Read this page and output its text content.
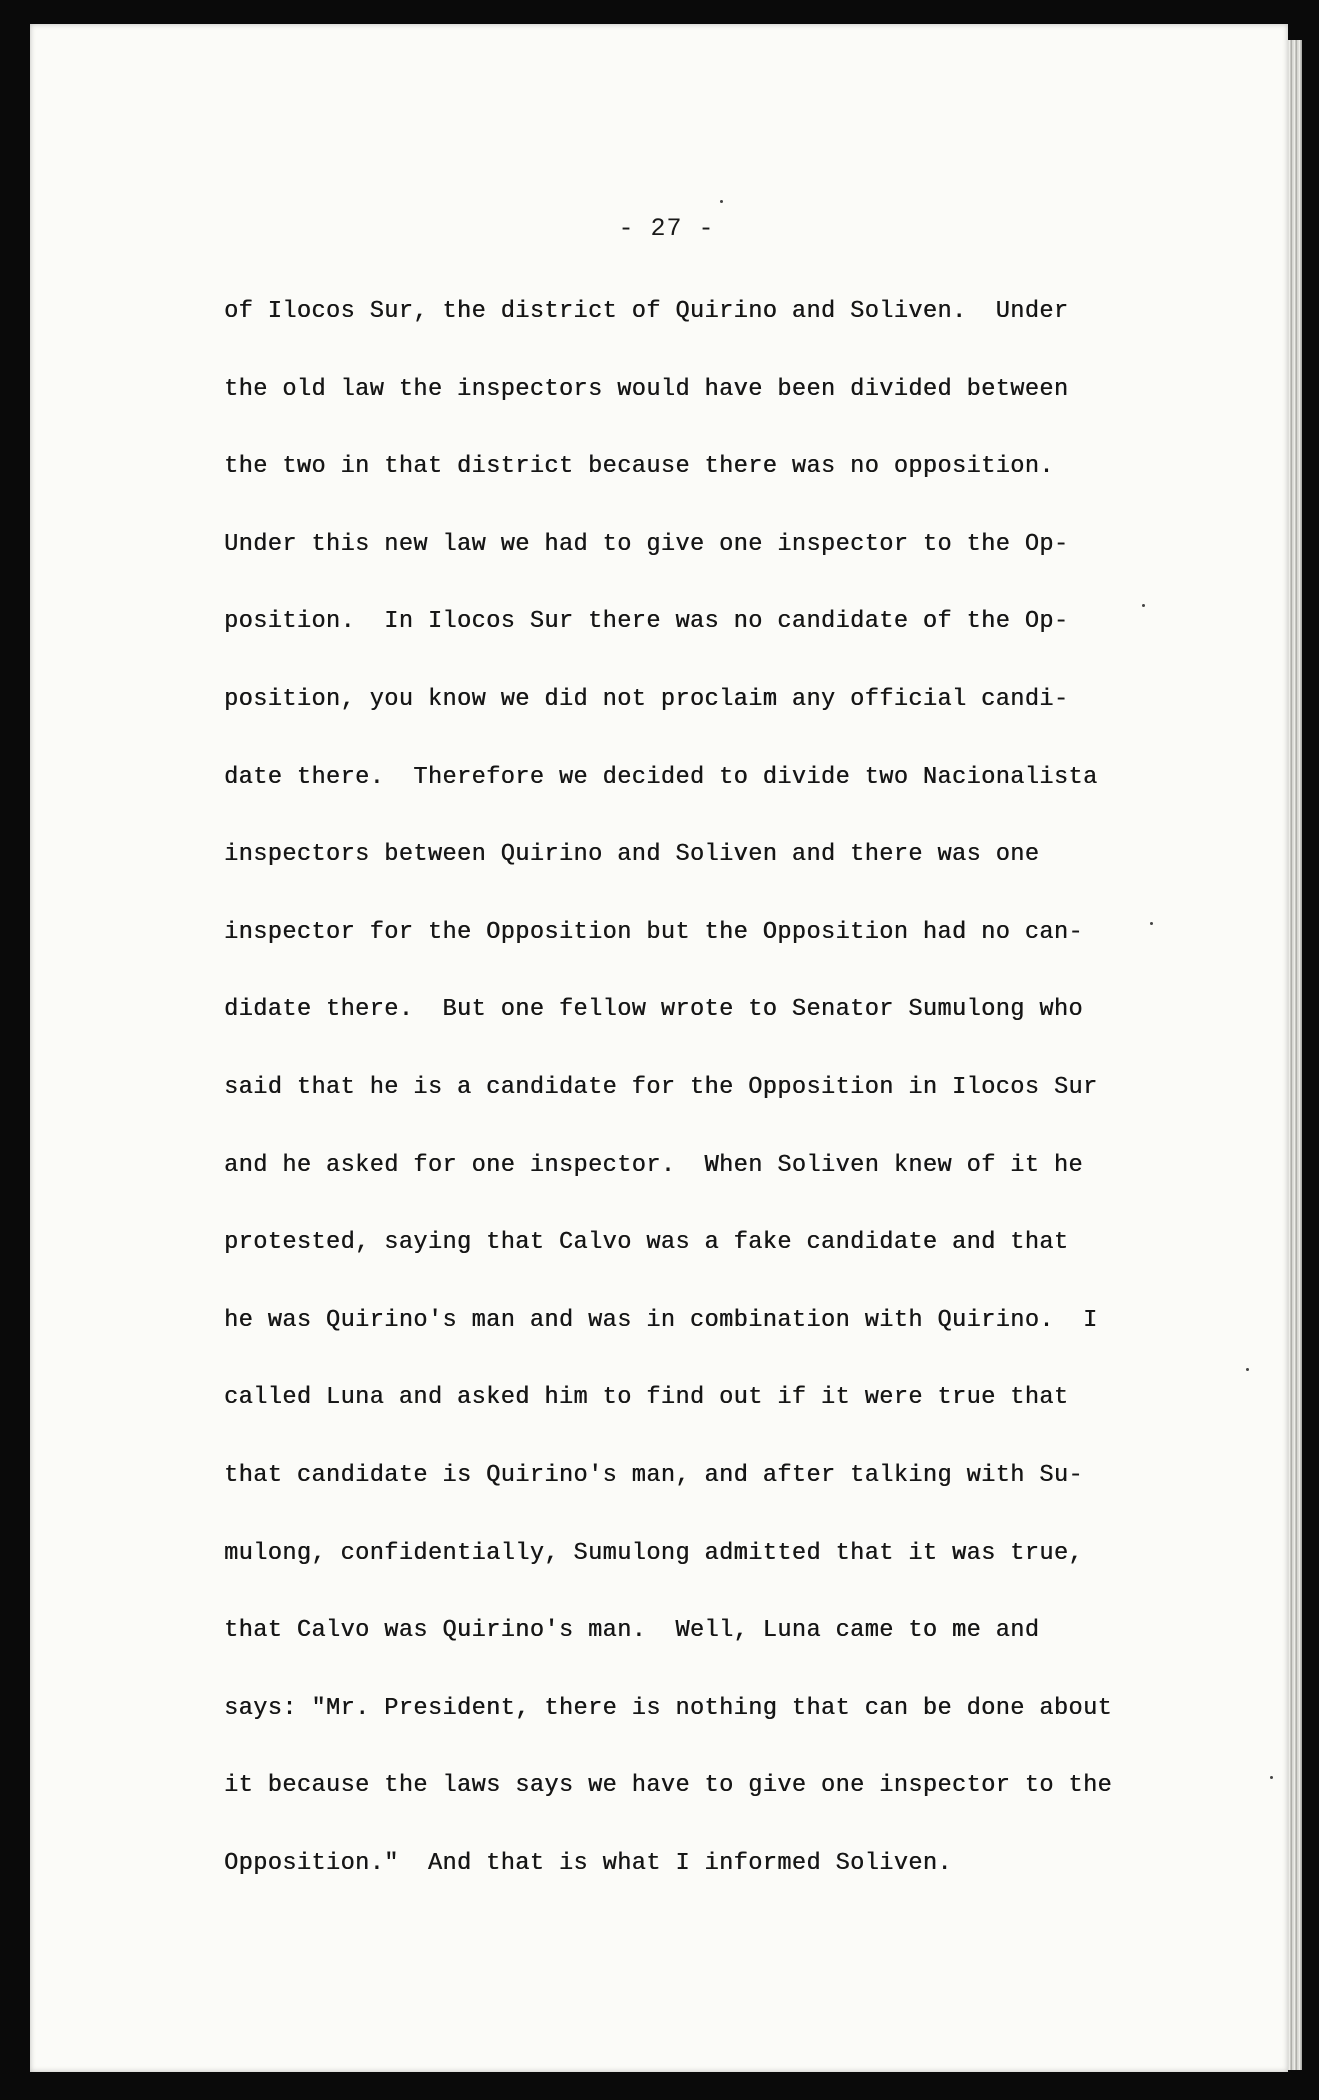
- 27 -
of Ilocos Sur, the district of Quirino and Soliven.  Under
the old law the inspectors would have been divided between
the two in that district because there was no opposition.
Under this new law we had to give one inspector to the Op-
position.  In Ilocos Sur there was no candidate of the Op-
position, you know we did not proclaim any official candi-
date there.  Therefore we decided to divide two Nacionalista
inspectors between Quirino and Soliven and there was one
inspector for the Opposition but the Opposition had no can-
didate there.  But one fellow wrote to Senator Sumulong who
said that he is a candidate for the Opposition in Ilocos Sur
and he asked for one inspector.  When Soliven knew of it he
protested, saying that Calvo was a fake candidate and that
he was Quirino's man and was in combination with Quirino.  I
called Luna and asked him to find out if it were true that
that candidate is Quirino's man, and after talking with Su-
mulong, confidentially, Sumulong admitted that it was true,
that Calvo was Quirino's man.  Well, Luna came to me and
says: "Mr. President, there is nothing that can be done about
it because the laws says we have to give one inspector to the
Opposition."  And that is what I informed Soliven.
